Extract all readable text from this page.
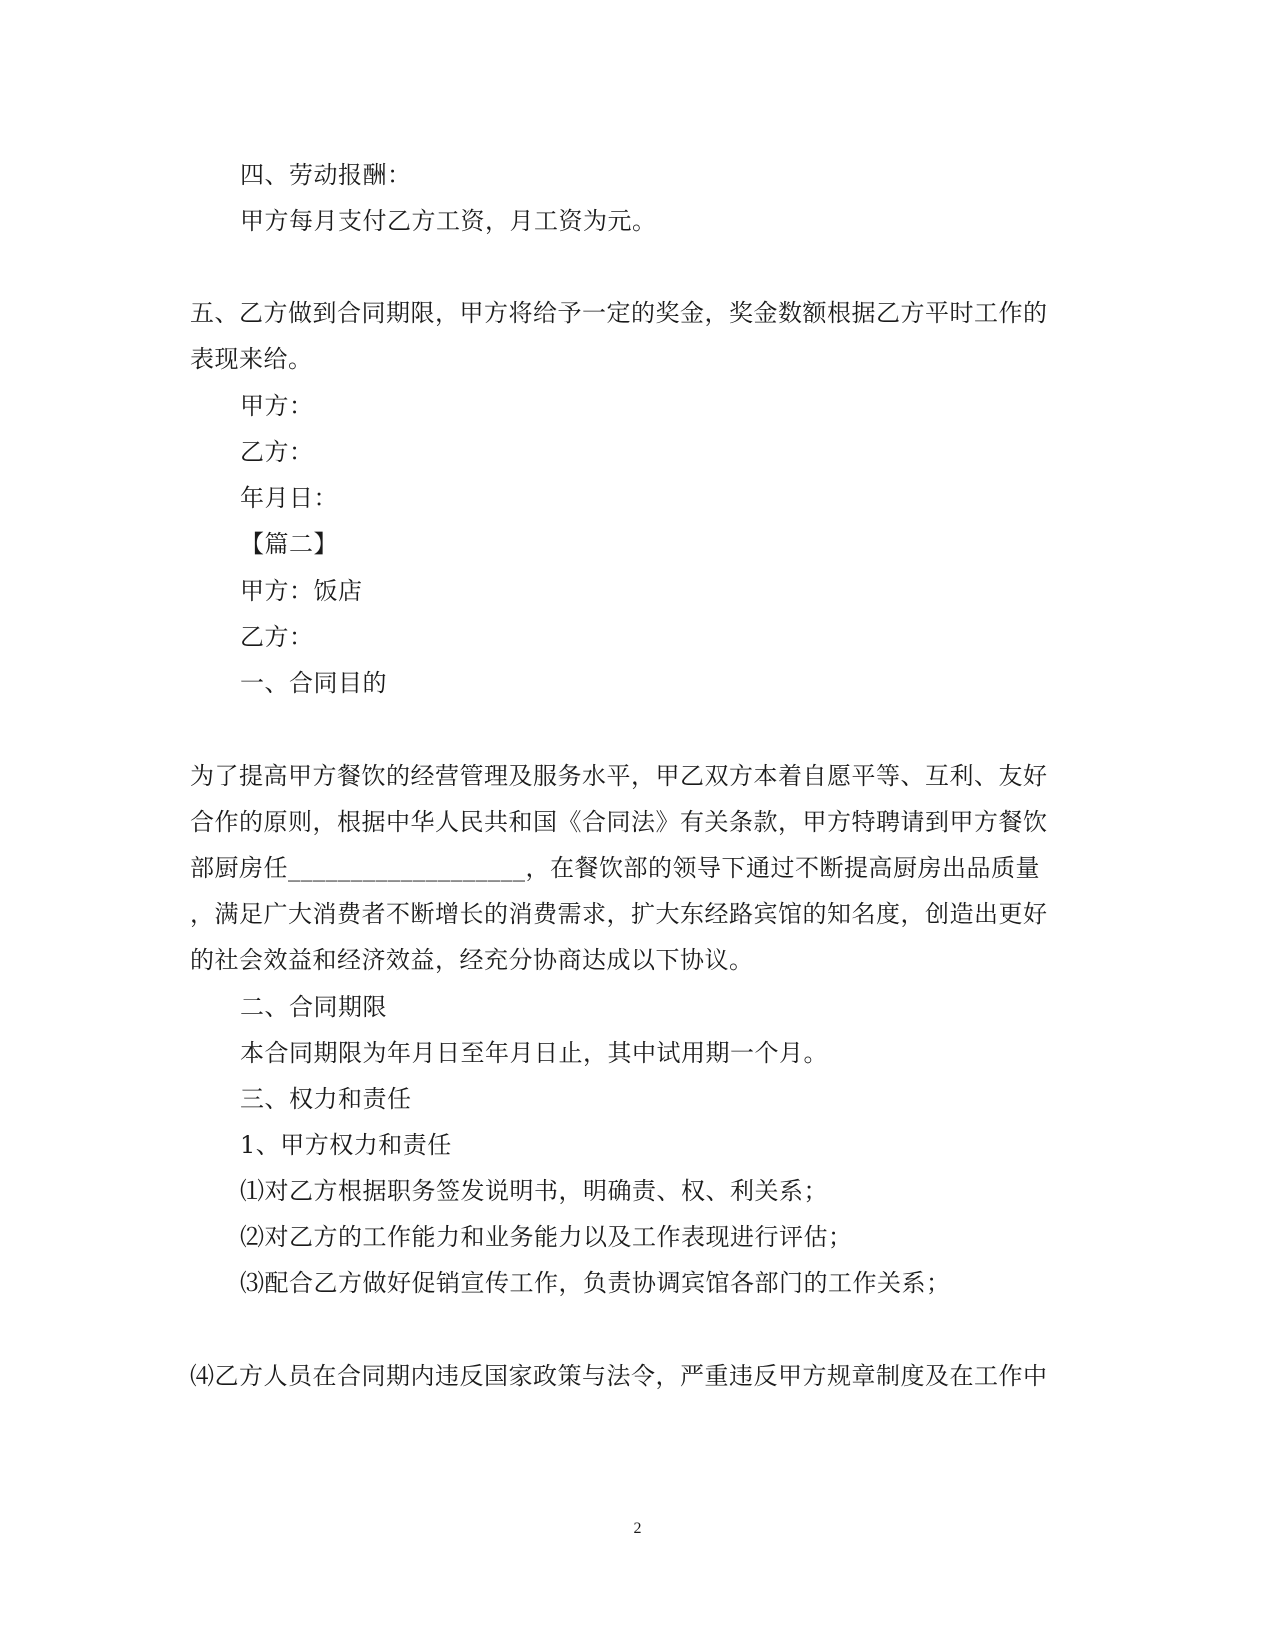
四、劳动报酬：
甲方每月支付乙方工资，月工资为元。
五、乙方做到合同期限，甲方将给予一定的奖金，奖金数额根据乙方平时工作的
表现来给。
甲方：
乙方：
年月日：
【篇二】
甲方：饭店
乙方：
一、合同目的
为了提高甲方餐饮的经营管理及服务水平，甲乙双方本着自愿平等、互利、友好
合作的原则，根据中华人民共和国《合同法》有关条款，甲方特聘请到甲方餐饮
部厨房任___________________，在餐饮部的领导下通过不断提高厨房出品质量
，满足广大消费者不断增长的消费需求，扩大东经路宾馆的知名度，创造出更好
的社会效益和经济效益，经充分协商达成以下协议。
二、合同期限
本合同期限为年月日至年月日止，其中试用期一个月。
三、权力和责任
1、甲方权力和责任
⑴对乙方根据职务签发说明书，明确责、权、利关系；
⑵对乙方的工作能力和业务能力以及工作表现进行评估；
⑶配合乙方做好促销宣传工作，负责协调宾馆各部门的工作关系；
⑷乙方人员在合同期内违反国家政策与法令，严重违反甲方规章制度及在工作中
2
